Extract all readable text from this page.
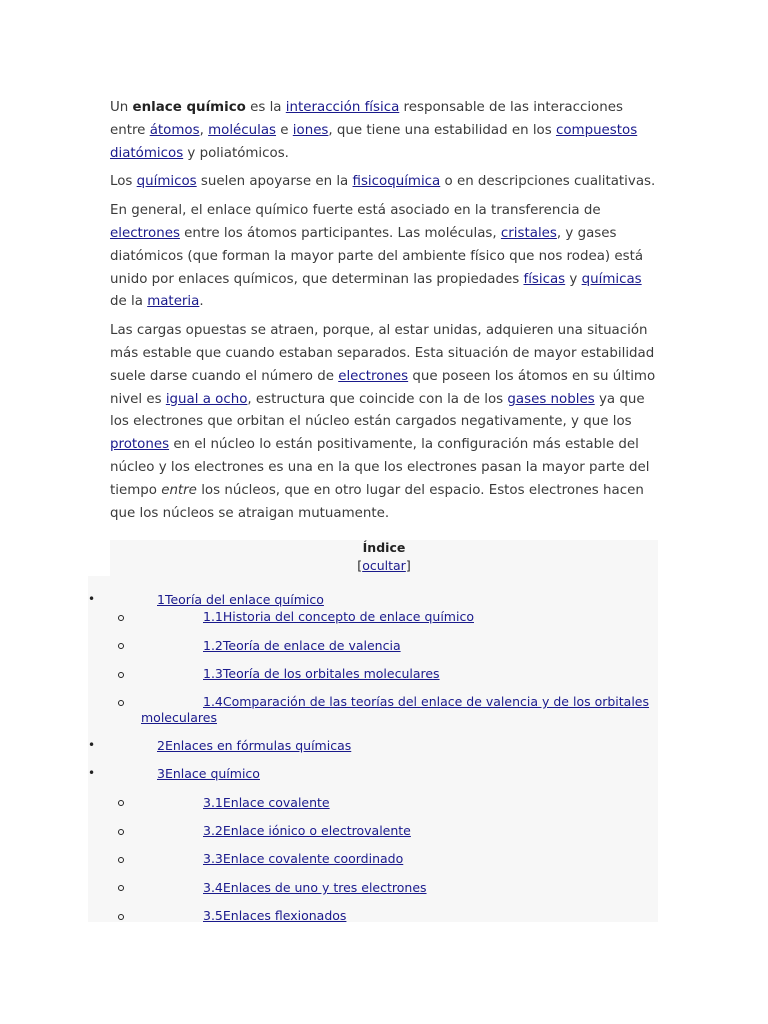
Un enlace químico es la interacción física responsable de las interacciones entre átomos, moléculas e iones, que tiene una estabilidad en los compuestos diatómicos y poliatómicos.

Los químicos suelen apoyarse en la fisicoquímica o en descripciones cualitativas.

En general, el enlace químico fuerte está asociado en la transferencia de electrones entre los átomos participantes. Las moléculas, cristales, y gases diatómicos (que forman la mayor parte del ambiente físico que nos rodea) está unido por enlaces químicos, que determinan las propiedades físicas y químicas de la materia.

Las cargas opuestas se atraen, porque, al estar unidas, adquieren una situación más estable que cuando estaban separados. Esta situación de mayor estabilidad suele darse cuando el número de electrones que poseen los átomos en su último nivel es igual a ocho, estructura que coincide con la de los gases nobles ya que los electrones que orbitan el núcleo están cargados negativamente, y que los protones en el núcleo lo están positivamente, la configuración más estable del núcleo y los electrones es una en la que los electrones pasan la mayor parte del tiempo entre los núcleos, que en otro lugar del espacio. Estos electrones hacen que los núcleos se atraigan mutuamente.

Índice
[ocultar]
•	1Teoría del enlace químico
1.1Historia del concepto de enlace químico
1.2Teoría de enlace de valencia
1.3Teoría de los orbitales moleculares
1.4Comparación de las teorías del enlace de valencia y de los orbitales
moleculares
•	2Enlaces en fórmulas químicas
•	3Enlace químico
3.1Enlace covalente
3.2Enlace iónico o electrovalente
3.3Enlace covalente coordinado
3.4Enlaces de uno y tres electrones
3.5Enlaces flexionados
